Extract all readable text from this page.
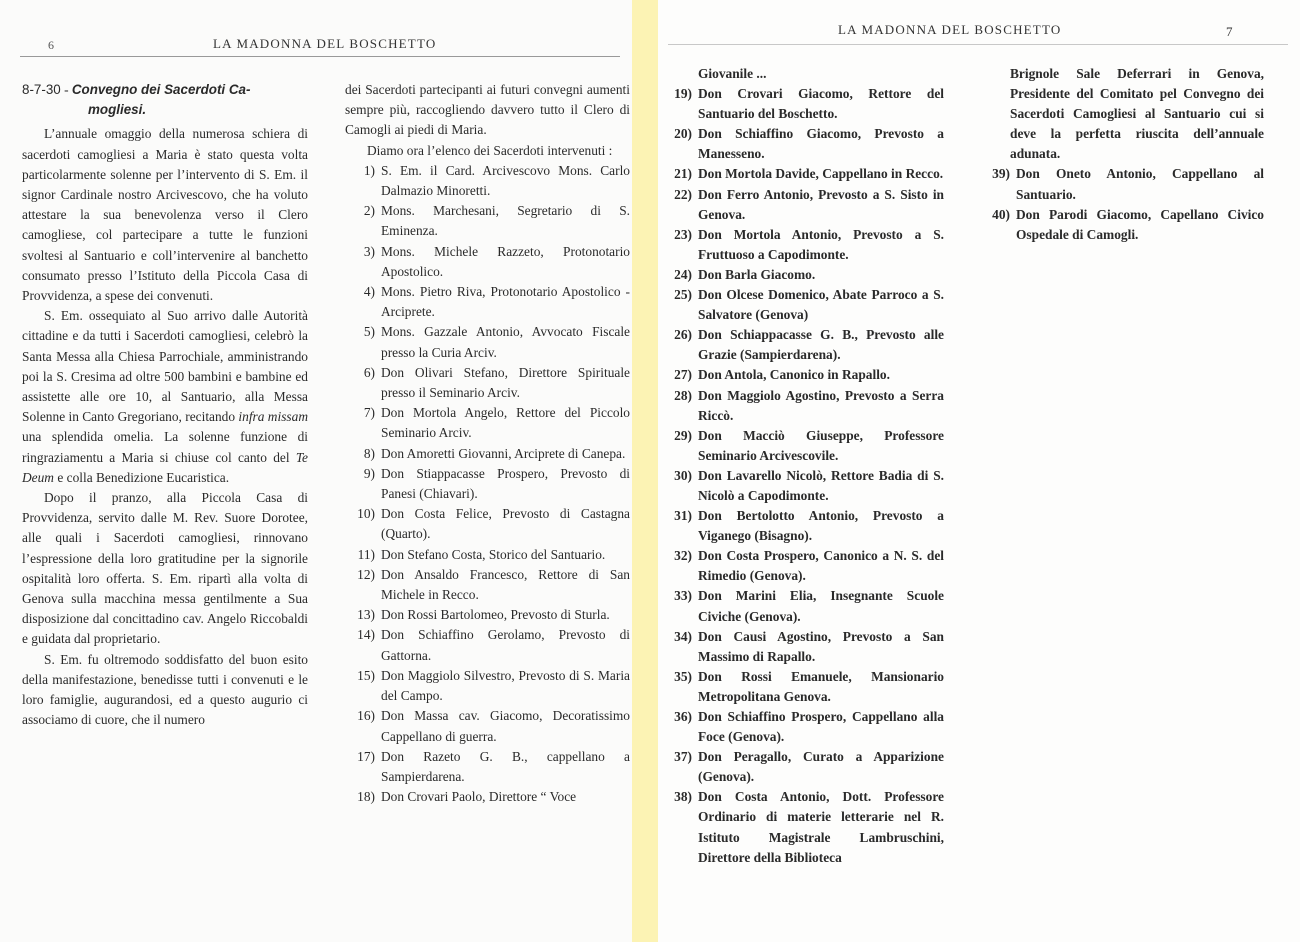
6	LA MADONNA DEL BOSCHETTO

8-7-30 - Convegno dei Sacerdoti Ca-

mogliesi.

L’annuale omaggio della numerosa schiera di sacerdoti camogliesi a Maria è stato questa volta particolarmente solenne per l’intervento di S. Em. il signor Cardinale nostro Arcivescovo, che ha voluto attestare la sua benevolenza verso il Clero camogliese, col partecipare a tutte le funzioni svoltesi al Santuario e coll’intervenire al banchetto consumato presso l’Istituto della Piccola Casa di Provvidenza, a spese dei convenuti.

S. Em. ossequiato al Suo arrivo dalle Autorità cittadine e da tutti i Sacerdoti camogliesi, celebrò la Santa Messa alla Chiesa Parrochiale, amministrando poi la S. Cresima ad oltre 500 bambini e bambine ed assistette alle ore 10, al Santuario, alla Messa Solenne in Canto Gregoriano, recitando infra missam una splendida omelia. La solenne funzione di ringraziamentu a Maria si chiuse col canto del Te Deum e colla Benedizione Eucaristica.

Dopo il pranzo, alla Piccola Casa di Provvidenza, servito dalle M. Rev. Suore Dorotee, alle quali i Sacerdoti camogliesi, rinnovano l’espressione della loro gratitudine per la signorile ospitalità loro offerta. S. Em. ripartì alla volta di Genova sulla macchina messa gentilmente a Sua disposizione dal concittadino cav. Angelo Riccobaldi e guidata dal proprietario.

S. Em. fu oltremodo soddisfatto del buon esito della manifestazione, benedisse tutti i convenuti e le loro famiglie, augurandosi, ed a questo augurio ci associamo di cuore, che il numero

dei Sacerdoti partecipanti ai futuri convegni aumenti sempre più, raccogliendo davvero tutto il Clero di Camogli ai piedi di Maria.

Diamo ora l’elenco dei Sacerdoti intervenuti :

1) S. Em. il Card. Arcivescovo Mons. Carlo Dalmazio Minoretti.
2) Mons. Marchesani, Segretario di S. Eminenza.
3) Mons. Michele Razzeto, Protonotario Apostolico.
4) Mons. Pietro Riva, Protonotario Apostolico - Arciprete.
5) Mons. Gazzale Antonio, Avvocato Fiscale presso la Curia Arciv.
6) Don Olivari Stefano, Direttore Spirituale presso il Seminario Arciv.
7) Don Mortola Angelo, Rettore del Piccolo Seminario Arciv.
8) Don Amoretti Giovanni, Arciprete di Canepa.
9) Don Stiappacasse Prospero, Prevosto di Panesi (Chiavari).
10) Don Costa Felice, Prevosto di Castagna (Quarto).
11) Don Stefano Costa, Storico del Santuario.
12) Don Ansaldo Francesco, Rettore di San Michele in Recco.
13) Don Rossi Bartolomeo, Prevosto di Sturla.
14) Don Schiaffino Gerolamo, Prevosto di Gattorna.
15) Don Maggiolo Silvestro, Prevosto di S. Maria del Campo.
16) Don Massa cav. Giacomo, Decoratissimo Cappellano di guerra.
17) Don Razeto G. B., cappellano a Sampierdarena.
18) Don Crovari Paolo, Direttore “ Voce
LA MADONNA DEL BOSCHETTO	7

Giovanile ...

19) Don Crovari Giacomo, Rettore del Santuario del Boschetto.
20) Don Schiaffino Giacomo, Prevosto a Manesseno.
21) Don Mortola Davide, Cappellano in Recco.
22) Don Ferro Antonio, Prevosto a S. Sisto in Genova.
23) Don Mortola Antonio, Prevosto a S. Fruttuoso a Capodimonte.
24) Don Barla Giacomo.
25) Don Olcese Domenico, Abate Parroco a S. Salvatore (Genova)
26) Don Schiappacasse G. B., Prevosto alle Grazie (Sampierdarena).
27) Don Antola, Canonico in Rapallo.
28) Don Maggiolo Agostino, Prevosto a Serra Riccò.
29) Don Macciò Giuseppe, Professore Seminario Arcivescovile.
30) Don Lavarello Nicolò, Rettore Badia di S. Nicolò a Capodimonte.
31) Don Bertolotto Antonio, Prevosto a Viganego (Bisagno).
32) Don Costa Prospero, Canonico a N. S. del Rimedio (Genova).
33) Don Marini Elia, Insegnante Scuole Civiche (Genova).
34) Don Causi Agostino, Prevosto a San Massimo di Rapallo.
35) Don Rossi Emanuele, Mansionario Metropolitana Genova.
36) Don Schiaffino Prospero, Cappellano alla Foce (Genova).
37) Don Peragallo, Curato a Apparizione (Genova).
38) Don Costa Antonio, Dott. Professore Ordinario di materie letterarie nel R. Istituto Magistrale Lambruschini, Direttore della Biblioteca

Brignole Sale Deferrari in Genova, Presidente del Comitato pel Convegno dei Sacerdoti Camogliesi al Santuario cui si deve la perfetta riuscita dell’annuale adunata.

39) Don Oneto Antonio, Cappellano al Santuario.
40) Don Parodi Giacomo, Capellano Civico Ospedale di Camogli.
